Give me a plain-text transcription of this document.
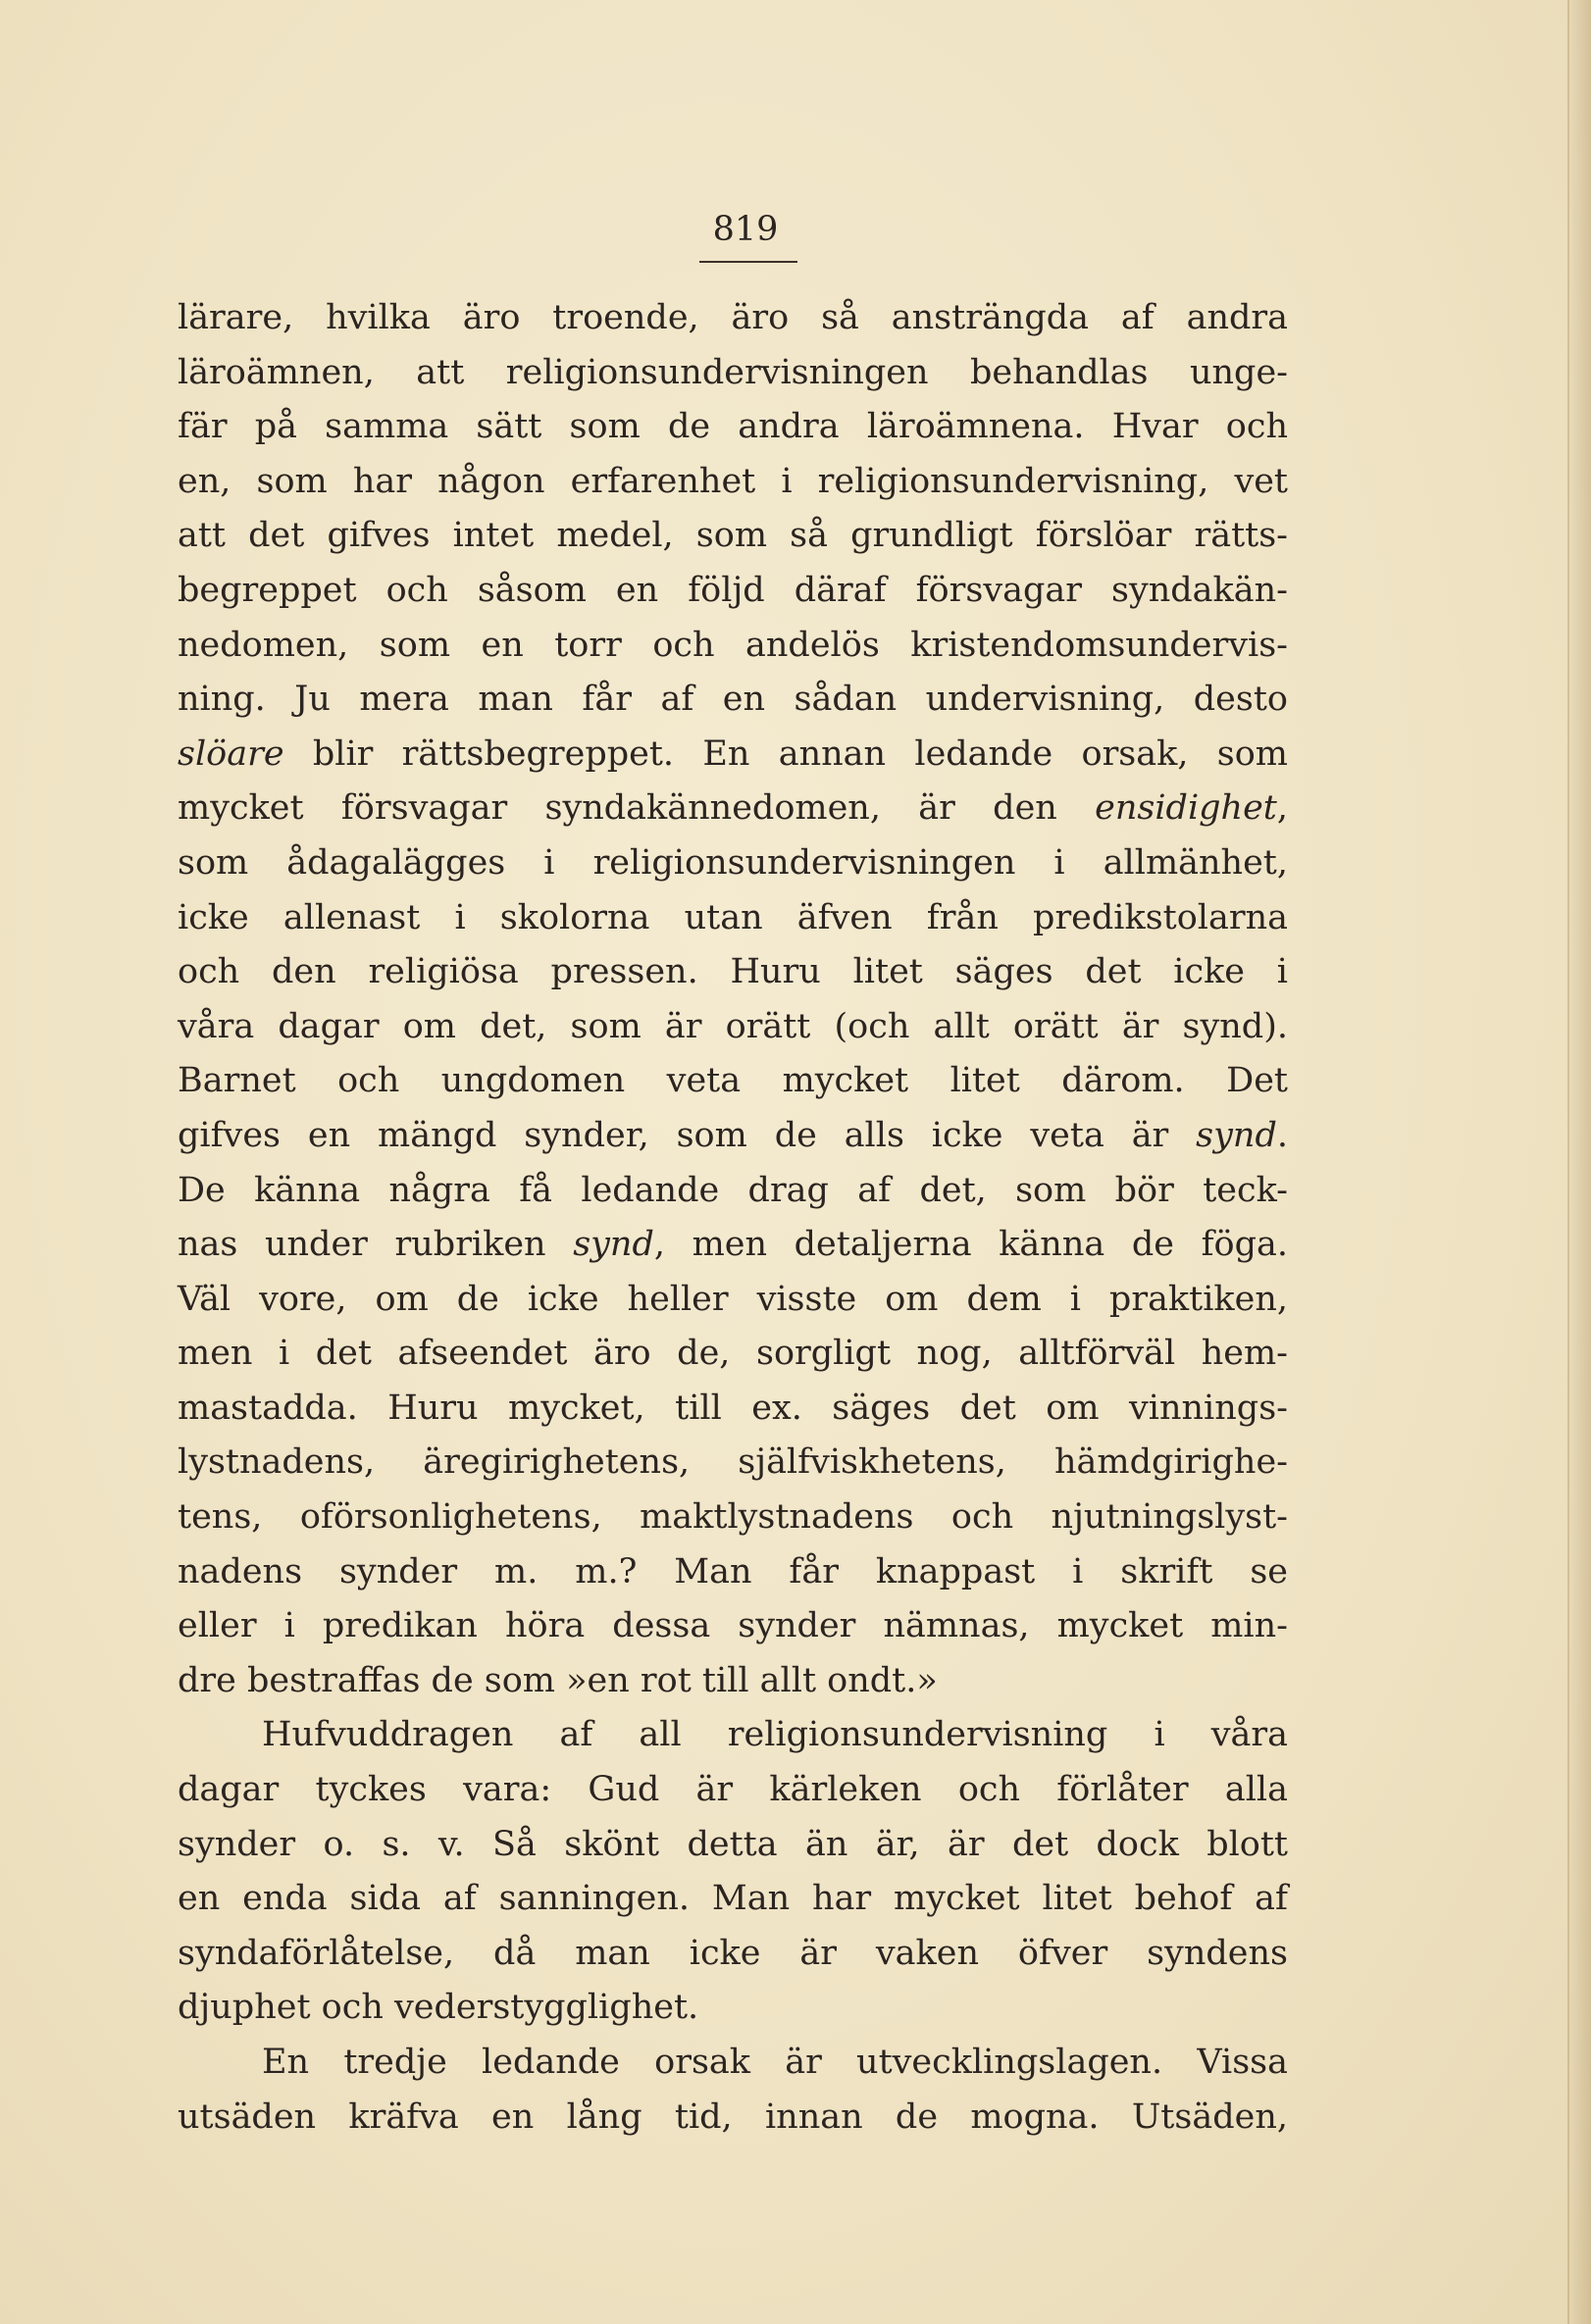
819
lärare, hvilka äro troende, äro så ansträngda af andra
läroämnen, att religionsundervisningen behandlas unge-
fär på samma sätt som de andra läroämnena. Hvar och
en, som har någon erfarenhet i religionsundervisning, vet
att det gifves intet medel, som så grundligt förslöar rätts-
begreppet och såsom en följd däraf försvagar syndakän-
nedomen, som en torr och andelös kristendomsundervis-
ning. Ju mera man får af en sådan undervisning, desto
slöare blir rättsbegreppet. En annan ledande orsak, som
mycket försvagar syndakännedomen, är den ensidighet,
som ådagalägges i religionsundervisningen i allmänhet,
icke allenast i skolorna utan äfven från predikstolarna
och den religiösa pressen. Huru litet säges det icke i
våra dagar om det, som är orätt (och allt orätt är synd).
Barnet och ungdomen veta mycket litet därom. Det
gifves en mängd synder, som de alls icke veta är synd.
De känna några få ledande drag af det, som bör teck-
nas under rubriken synd, men detaljerna känna de föga.
Väl vore, om de icke heller visste om dem i praktiken,
men i det afseendet äro de, sorgligt nog, alltförväl hem-
mastadda. Huru mycket, till ex. säges det om vinnings-
lystnadens, äregirighetens, själfviskhetens, hämdgirighe-
tens, oförsonlighetens, maktlystnadens och njutningslyst-
nadens synder m. m.? Man får knappast i skrift se
eller i predikan höra dessa synder nämnas, mycket min-
dre bestraffas de som »en rot till allt ondt.»
Hufvuddragen af all religionsundervisning i våra
dagar tyckes vara: Gud är kärleken och förlåter alla
synder o. s. v. Så skönt detta än är, är det dock blott
en enda sida af sanningen. Man har mycket litet behof af
syndaförlåtelse, då man icke är vaken öfver syndens
djuphet och vederstygglighet.
En tredje ledande orsak är utvecklingslagen. Vissa
utsäden kräfva en lång tid, innan de mogna. Utsäden,
